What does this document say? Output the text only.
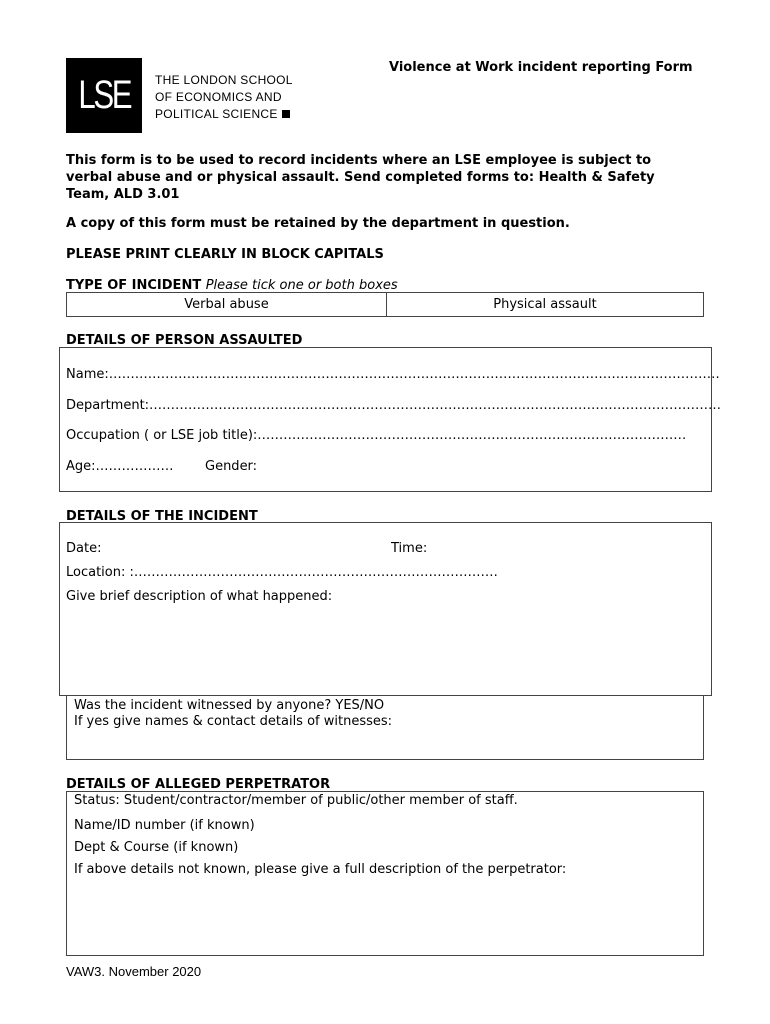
LSE THE LONDON SCHOOL
OF ECONOMICS AND
POLITICAL SCIENCE
Violence at Work incident reporting Form
This form is to be used to record incidents where an LSE employee is subject to verbal abuse and or physical assault. Send completed forms to: Health & Safety Team, ALD 3.01
A copy of this form must be retained by the department in question.
PLEASE PRINT CLEARLY IN BLOCK CAPITALS
TYPE OF INCIDENT Please tick one or both boxes
Verbal abuse	Physical assault
DETAILS OF PERSON ASSAULTED
Name:……………………………………………………………………………………………………………………………
Department:……………………………………………………………………………………………………………………
Occupation ( or LSE job title):………………………………………………………………………………………
Age:……………… Gender:
DETAILS OF THE INCIDENT
Date:	Time:
Location: :…………………………………………………………………………
Give brief description of what happened:
Was the incident witnessed by anyone? YES/NO
If yes give names & contact details of witnesses:
DETAILS OF ALLEGED PERPETRATOR
Status: Student/contractor/member of public/other member of staff.
Name/ID number (if known)
Dept & Course (if known)
If above details not known, please give a full description of the perpetrator:
VAW3. November 2020
